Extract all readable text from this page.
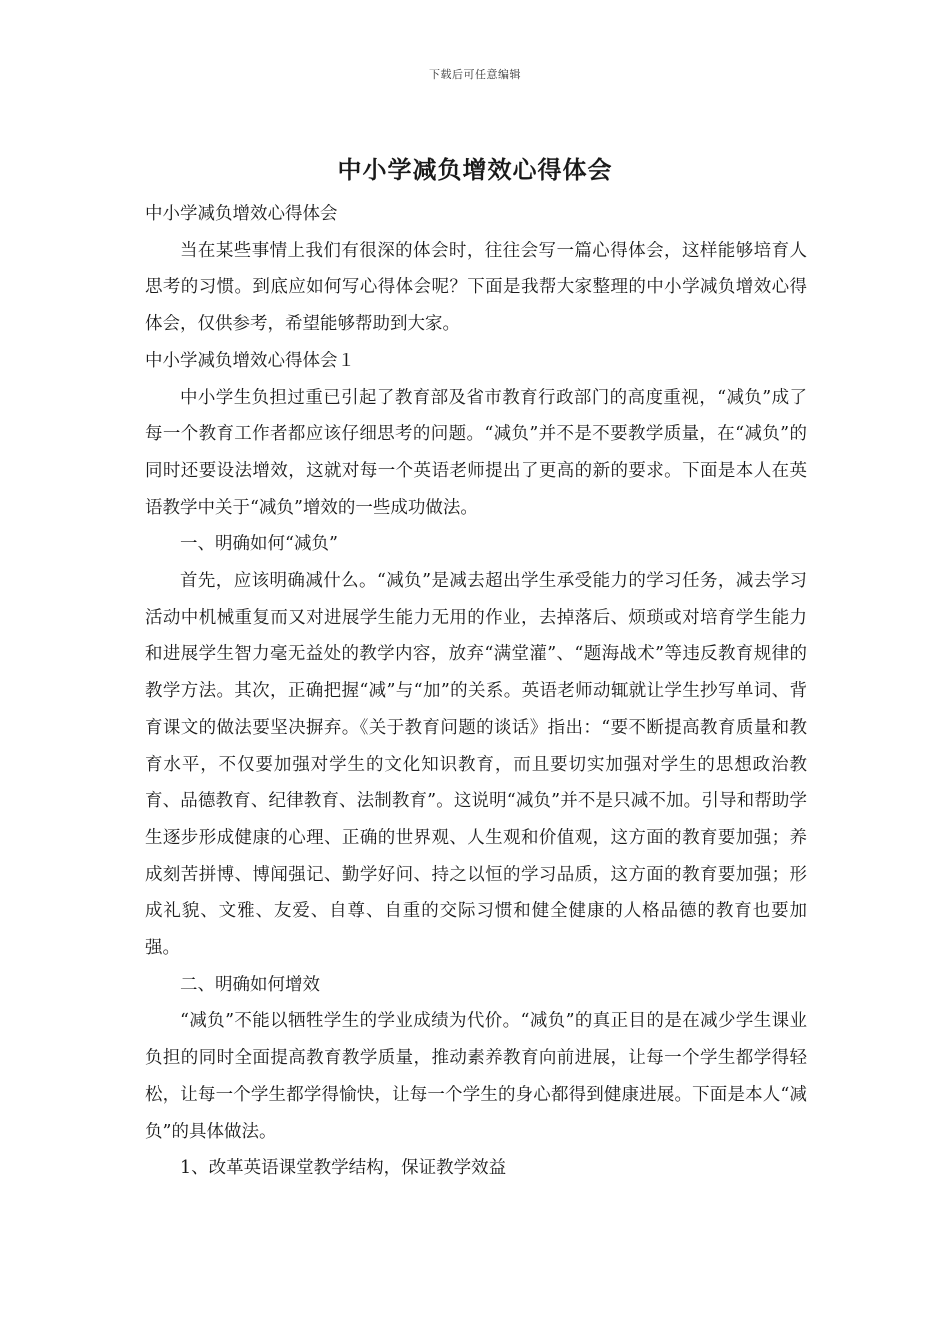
下载后可任意编辑
中小学减负增效心得体会

中小学减负增效心得体会

当在某些事情上我们有很深的体会时，往往会写一篇心得体会，这样能够培育人思考的习惯。到底应如何写心得体会呢？下面是我帮大家整理的中小学减负增效心得体会，仅供参考，希望能够帮助到大家。

中小学减负增效心得体会１

中小学生负担过重已引起了教育部及省市教育行政部门的高度重视，“减负”成了每一个教育工作者都应该仔细思考的问题。“减负”并不是不要教学质量，在“减负”的同时还要设法增效，这就对每一个英语老师提出了更高的新的要求。下面是本人在英语教学中关于“减负”增效的一些成功做法。

一、明确如何“减负”

首先，应该明确减什么。“减负”是减去超出学生承受能力的学习任务，减去学习活动中机械重复而又对进展学生能力无用的作业，去掉落后、烦琐或对培育学生能力和进展学生智力毫无益处的教学内容，放弃“满堂灌”、“题海战术”等违反教育规律的教学方法。其次，正确把握“减”与“加”的关系。英语老师动辄就让学生抄写单词、背育课文的做法要坚决摒弃。《关于教育问题的谈话》指出：“要不断提高教育质量和教育水平，不仅要加强对学生的文化知识教育，而且要切实加强对学生的思想政治教育、品德教育、纪律教育、法制教育”。这说明“减负”并不是只减不加。引导和帮助学生逐步形成健康的心理、正确的世界观、人生观和价值观，这方面的教育要加强；养成刻苦拼博、博闻强记、勤学好问、持之以恒的学习品质，这方面的教育要加强；形成礼貌、文雅、友爱、自尊、自重的交际习惯和健全健康的人格品德的教育也要加强。

二、明确如何增效

“减负”不能以牺牲学生的学业成绩为代价。“减负”的真正目的是在减少学生课业负担的同时全面提高教育教学质量，推动素养教育向前进展，让每一个学生都学得轻松，让每一个学生都学得愉快，让每一个学生的身心都得到健康进展。下面是本人“减负”的具体做法。

1、改革英语课堂教学结构，保证教学效益
